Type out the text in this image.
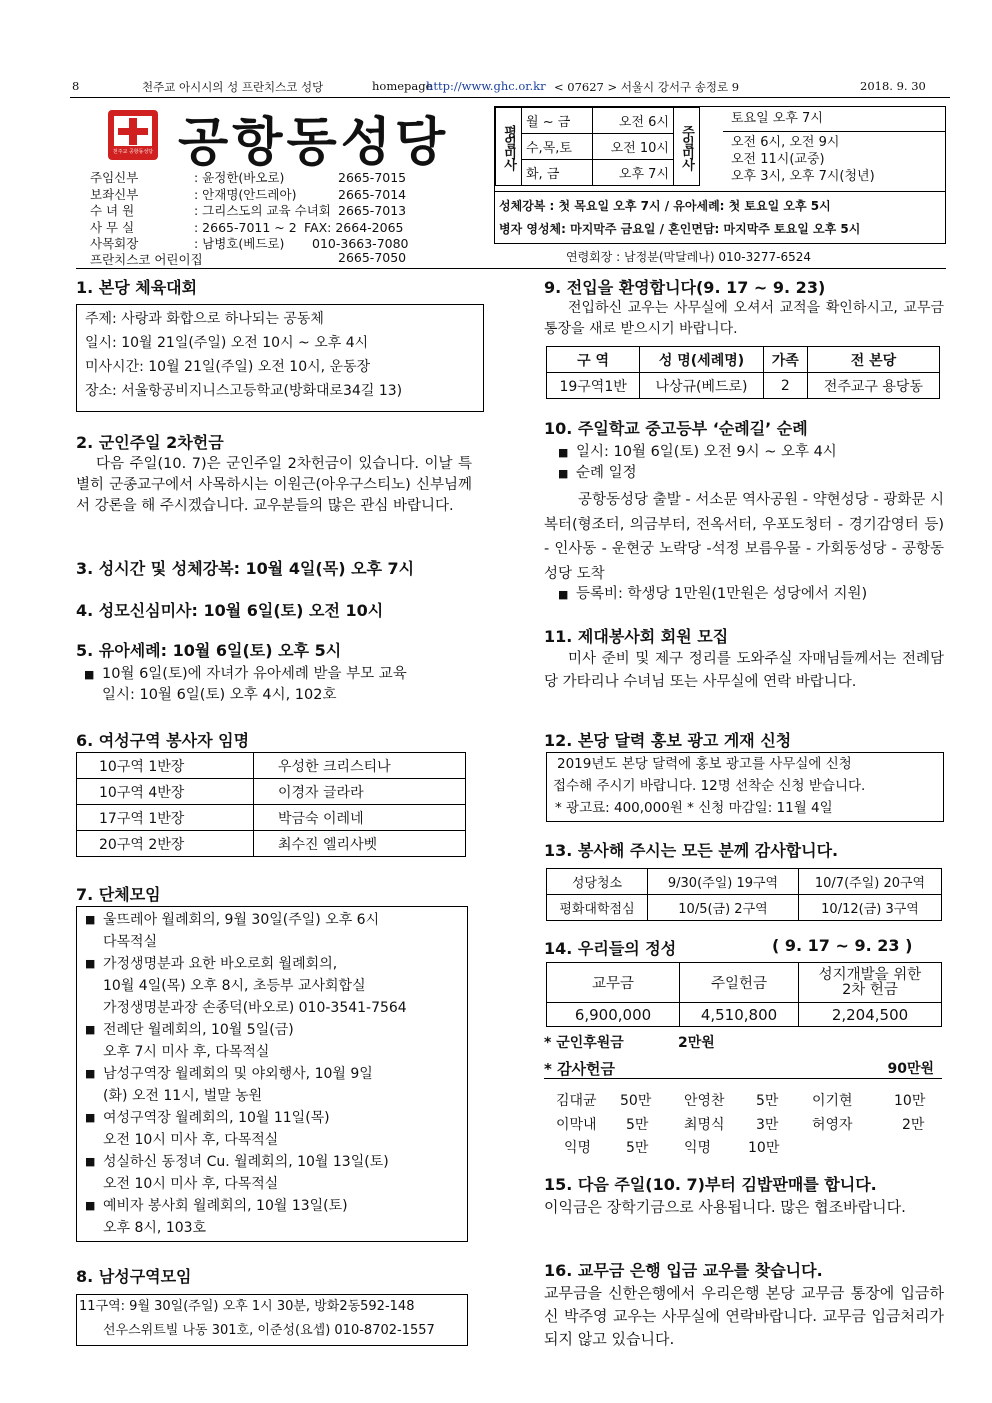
8	천주교 아시시의 성 프란치스코 성당	homepage
http://www.ghc.or.kr < 07627 > 서울시 강서구 송정로 9	2018. 9. 30
천주교 공항동성당 공항동성당
주임신부	: 윤정한(바오로)	2665-7015
보좌신부	: 안재명(안드레아)	2665-7014
수 녀 원	: 그리스도의 교육 수녀회 2665-7013
사 무 실	: 2665-7011 ~ 2 FAX: 2664-2065
사목회장	: 남병호(베드로) 010-3663-7080
프란치스코 어린이집	2665-7050
평일미사	월 ~ 금	오전 6시	주일미사

	수,목,토	오전 10시	
	화, 금	오후 7시	
토요일 오후 7시
오전 6시, 오전 9시
오전 11시(교중)
오후 3시, 오후 7시(청년)
성체강복 : 첫 목요일 오후 7시 / 유아세례: 첫 토요일 오후 5시
병자 영성체: 마지막주 금요일 / 혼인면담: 마지막주 토요일 오후 5시
연령회장 : 남정분(막달레나) 010-3277-6524
1. 본당 체육대회
주제: 사랑과 화합으로 하나되는 공동체
일시: 10월 21일(주일) 오전 10시 ~ 오후 4시
미사시간: 10월 21일(주일) 오전 10시, 운동장
장소: 서울항공비지니스고등학교(방화대로34길 13)
2. 군인주일 2차헌금
다음 주일(10. 7)은 군인주일 2차헌금이 있습니다. 이날 특별히 군종교구에서 사목하시는 이원근(아우구스티노) 신부님께서 강론을 해 주시겠습니다. 교우분들의 많은 관심 바랍니다.
3. 성시간 및 성체강복: 10월 4일(목) 오후 7시
4. 성모신심미사: 10월 6일(토) 오전 10시
5. 유아세례: 10월 6일(토) 오후 5시
■ 10월 6일(토)에 자녀가 유아세례 받을 부모 교육
일시: 10월 6일(토) 오후 4시, 102호
6. 여성구역 봉사자 임명
10구역 1반장	우성한 크리스티나
10구역 4반장	이경자 글라라
17구역 1반장	박금숙 이레네
20구역 2반장	최수진 엘리사벳
7. 단체모임
■ 울뜨레아 월례회의, 9월 30일(주일) 오후 6시
다목적실
■ 가정생명분과 요한 바오로회 월례회의,
10월 4일(목) 오후 8시, 초등부 교사회합실
가정생명분과장 손종덕(바오로) 010-3541-7564
■ 전례단 월례회의, 10월 5일(금)
오후 7시 미사 후, 다목적실
■ 남성구역장 월례회의 및 야외행사, 10월 9일
(화) 오전 11시, 벌말 농원
■ 여성구역장 월례회의, 10월 11일(목)
오전 10시 미사 후, 다목적실
■ 성실하신 동정녀 Cu. 월례회의, 10월 13일(토)
오전 10시 미사 후, 다목적실
■ 예비자 봉사회 월례회의, 10월 13일(토)
오후 8시, 103호
8. 남성구역모임
11구역: 9월 30일(주일) 오후 1시 30분, 방화2동592-148
선우스위트빌 나동 301호, 이준성(요셉) 010-8702-1557
9. 전입을 환영합니다(9. 17 ~ 9. 23)
전입하신 교우는 사무실에 오셔서 교적을 확인하시고, 교무금 통장을 새로 받으시기 바랍니다.
구 역	성 명(세례명)	가족	전 본당
19구역1반	나상규(베드로)	2	전주교구 용당동
10. 주일학교 중고등부 ‘순례길’ 순례
■ 일시: 10월 6일(토) 오전 9시 ~ 오후 4시
■ 순례 일정
공항동성당 출발 - 서소문 역사공원 - 약현성당 - 광화문 시복터(형조터, 의금부터, 전옥서터, 우포도청터 - 경기감영터 등) - 인사동 - 운현궁 노락당 -석정 보름우물 - 가회동성당 - 공항동성당 도착
■ 등록비: 학생당 1만원(1만원은 성당에서 지원)
11. 제대봉사회 회원 모집
미사 준비 및 제구 정리를 도와주실 자매님들께서는 전례담당 가타리나 수녀님 또는 사무실에 연락 바랍니다.
12. 본당 달력 홍보 광고 게재 신청
2019년도 본당 달력에 홍보 광고를 사무실에 신청
접수해 주시기 바랍니다. 12명 선착순 신청 받습니다.
* 광고료: 400,000원 * 신청 마감일: 11월 4일
13. 봉사해 주시는 모든 분께 감사합니다.
성당청소	9/30(주일) 19구역	10/7(주일) 20구역
평화대학점심	10/5(금) 2구역	10/12(금) 3구역
14. 우리들의 정성	( 9. 17 ~ 9. 23 )
교무금	주일헌금	성지개발을 위한
2차 헌금

6,900,000	4,510,800	2,204,500
* 군인후원금	2만원
* 감사헌금	90만원
김대균 50만 안영찬 5만 이기현	10만
이막내 5만	최명식 3만 허영자	2만
익명 5만	익명	10만
15. 다음 주일(10. 7)부터 김밥판매를 합니다.
이익금은 장학기금으로 사용됩니다. 많은 협조바랍니다.
16. 교무금 은행 입금 교우를 찾습니다.
교무금을 신한은행에서 우리은행 본당 교무금 통장에 입금하신 박주영 교우는 사무실에 연락바랍니다. 교무금 입금처리가 되지 않고 있습니다.
